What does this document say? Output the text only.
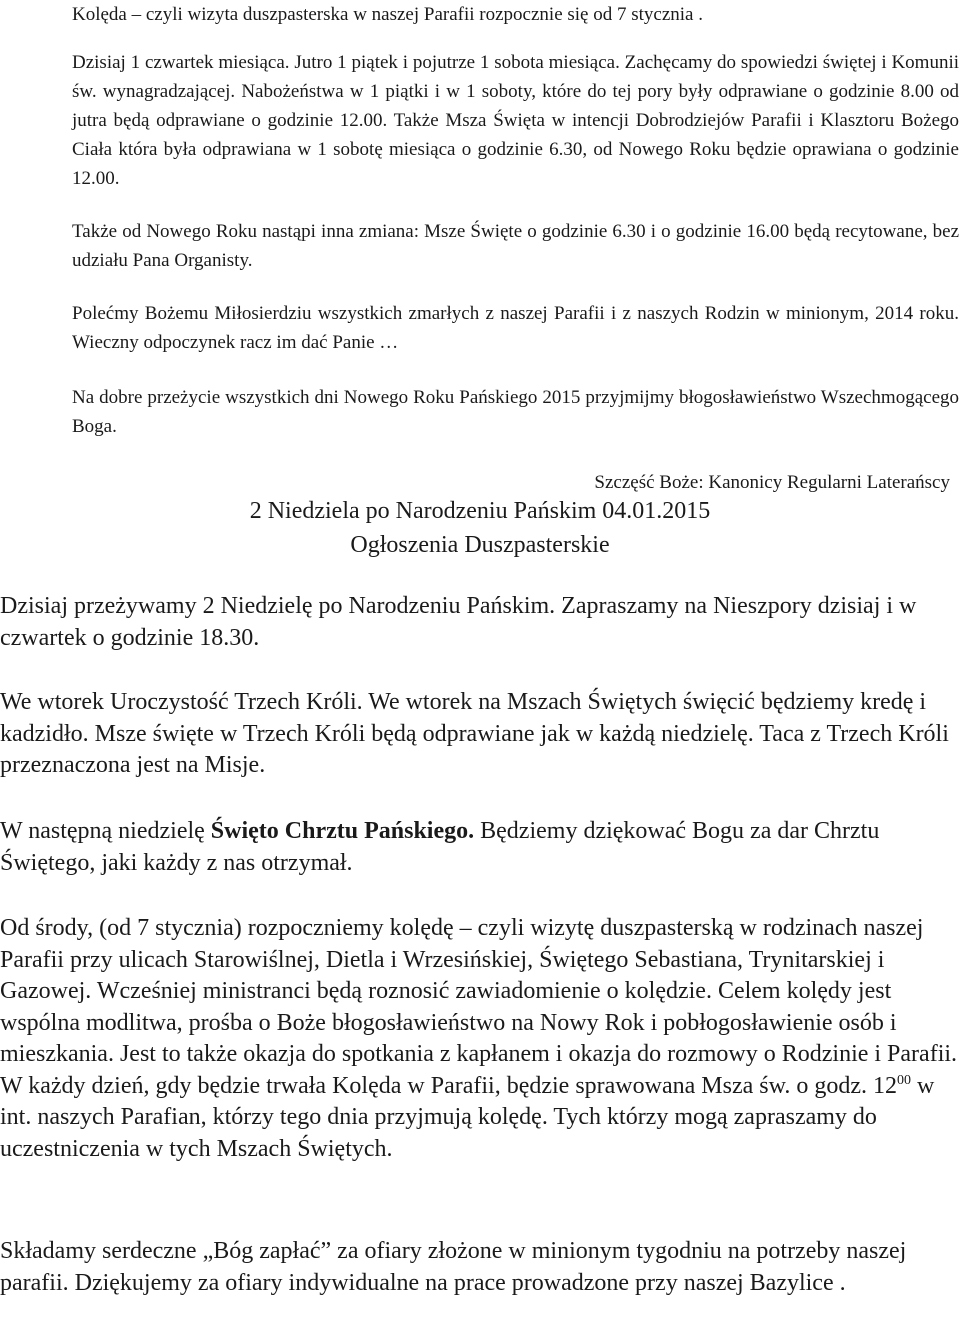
Kolęda – czyli wizyta duszpasterska w naszej Parafii rozpocznie się od 7 stycznia .

Dzisiaj 1 czwartek miesiąca. Jutro 1 piątek i pojutrze 1 sobota miesiąca. Zachęcamy do spowiedzi świętej i Komunii św. wynagradzającej. Nabożeństwa w 1 piątki i w 1 soboty, które do tej pory były odprawiane o godzinie 8.00 od jutra będą odprawiane o godzinie 12.00. Także Msza Święta w intencji Dobrodziejów Parafii i Klasztoru Bożego Ciała która była odprawiana w 1 sobotę miesiąca o godzinie 6.30, od Nowego Roku będzie oprawiana o godzinie 12.00.

Także od Nowego Roku nastąpi inna zmiana: Msze Święte o godzinie 6.30 i o godzinie 16.00 będą recytowane, bez udziału Pana Organisty.

Polećmy Bożemu Miłosierdziu wszystkich zmarłych z naszej Parafii i z naszych Rodzin w minionym, 2014 roku. Wieczny odpoczynek racz im dać Panie …

Na dobre przeżycie wszystkich dni Nowego Roku Pańskiego 2015 przyjmijmy błogosławieństwo Wszechmogącego Boga.

Szczęść Boże: Kanonicy Regularni Laterańscy
2 Niedziela po Narodzeniu Pańskim 04.01.2015
Ogłoszenia Duszpasterskie

Dzisiaj przeżywamy 2 Niedzielę po Narodzeniu Pańskim. Zapraszamy na Nieszpory dzisiaj i w czwartek o godzinie 18.30.

We wtorek Uroczystość Trzech Króli. We wtorek na Mszach Świętych święcić będziemy kredę i kadzidło. Msze święte w Trzech Króli będą odprawiane jak w każdą niedzielę. Taca z Trzech Króli przeznaczona jest na Misje.

W następną niedzielę Święto Chrztu Pańskiego. Będziemy dziękować Bogu za dar Chrztu Świętego, jaki każdy z nas otrzymał.

Od środy, (od 7 stycznia) rozpoczniemy kolędę – czyli wizytę duszpasterską w rodzinach naszej Parafii przy ulicach Starowiślnej, Dietla i Wrzesińskiej, Świętego Sebastiana, Trynitarskiej i Gazowej. Wcześniej ministranci będą roznosić zawiadomienie o kolędzie. Celem kolędy jest wspólna modlitwa, prośba o Boże błogosławieństwo na Nowy Rok i pobłogosławienie osób i mieszkania. Jest to także okazja do spotkania z kapłanem i okazja do rozmowy o Rodzinie i Parafii. W każdy dzień, gdy będzie trwała Kolęda w Parafii, będzie sprawowana Msza św. o godz. $12^{00}$ w int. naszych Parafian, którzy tego dnia przyjmują kolędę. Tych którzy mogą zapraszamy do uczestniczenia w tych Mszach Świętych.

Składamy serdeczne „Bóg zapłać” za ofiary złożone w minionym tygodniu na potrzeby naszej parafii. Dziękujemy za ofiary indywidualne na prace prowadzone przy naszej Bazylice .
